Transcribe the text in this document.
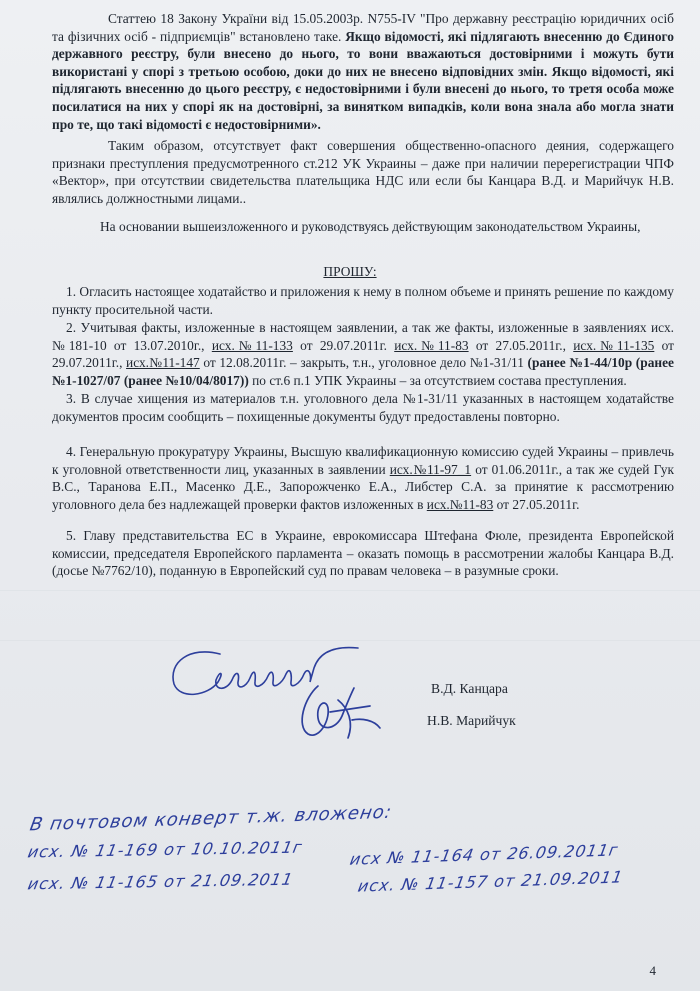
Статтею 18 Закону України від 15.05.2003р. N755-IV "Про державну реєстрацію юридичних осіб та фізичних осіб - підприємців" встановлено таке. Якщо відомості, які підлягають внесенню до Єдиного державного реєстру, були внесено до нього, то вони вважаються достовірними і можуть бути використані у спорі з третьою особою, доки до них не внесено відповідних змін. Якщо відомості, які підлягають внесенню до цього реєстру, є недостовірними і були внесені до нього, то третя особа може посилатися на них у спорі як на достовірні, за винятком випадків, коли вона знала або могла знати про те, що такі відомості є недостовірними».
Таким образом, отсутствует факт совершения общественно-опасного деяния, содержащего признаки преступления предусмотренного ст.212 УК Украины – даже при наличии перерегистрации ЧПФ «Вектор», при отсутствии свидетельства плательщика НДС или если бы Канцара В.Д. и Марийчук Н.В. являлись должностными лицами..
На основании вышеизложенного и руководствуясь действующим законодательством Украины,
ПРОШУ:
1. Огласить настоящее ходатайство и приложения к нему в полном объеме и принять решение по каждому пункту просительной части.
2. Учитывая факты, изложенные в настоящем заявлении, а так же факты, изложенные в заявлениях исх.№181-10 от 13.07.2010г., исх.№11-133 от 29.07.2011г. исх.№11-83 от 27.05.2011г., исх.№11-135 от 29.07.2011г., исх.№11-147 от 12.08.2011г. – закрыть, т.н., уголовное дело №1-31/11 (ранее №1-44/10р (ранее №1-1027/07 (ранее №10/04/8017)) по ст.6 п.1 УПК Украины – за отсутствием состава преступления.
3. В случае хищения из материалов т.н. уголовного дела №1-31/11 указанных в настоящем ходатайстве документов просим сообщить – похищенные документы будут предоставлены повторно.
4. Генеральную прокуратуру Украины, Высшую квалификационную комиссию судей Украины – привлечь к уголовной ответственности лиц, указанных в заявлении исх.№11-97_1 от 01.06.2011г., а так же судей Гук В.С., Таранова Е.П., Масенко Д.Е., Запорожченко Е.А., Либстер С.А. за принятие к рассмотрению уголовного дела без надлежащей проверки фактов изложенных в исх.№11-83 от 27.05.2011г.
5. Главу представительства ЕС в Украине, еврокомиссара Штефана Фюле, президента Европейской комиссии, председателя Европейского парламента – оказать помощь в рассмотрении жалобы Канцара В.Д. (досье №7762/10), поданную в Европейский суд по правам человека – в разумные сроки.
В.Д. Канцара
Н.В. Марийчук
В почтовом конверт т.ж. вложено:
исх. № 11-169 от 10.10.2011г	исх № 11-164 от 26.09.2011г
исх. № 11-165 от 21.09.2011	исх. № 11-157 от 21.09.2011
4
